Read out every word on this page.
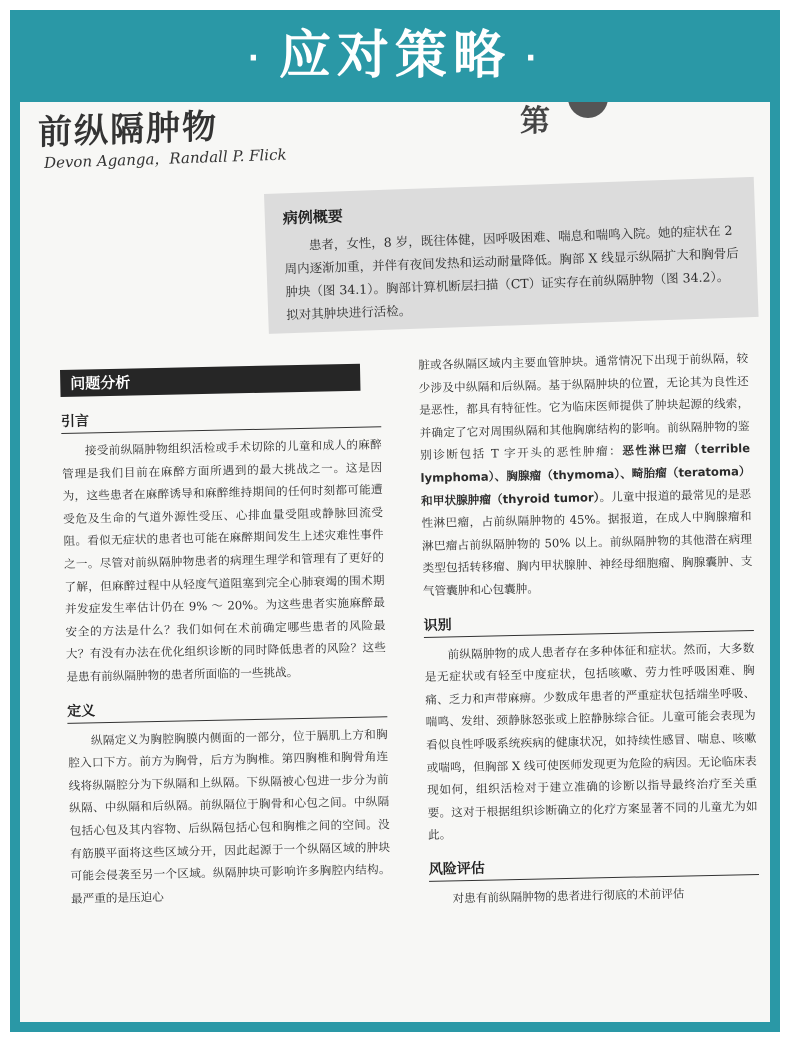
· 应对策略 ·
前纵隔肿物	第
Devon Aganga，Randall P. Flick
病例概要
患者，女性，8 岁，既往体健，因呼吸困难、喘息和喘鸣入院。她的症状在 2 周内逐渐加重，并伴有夜间发热和运动耐量降低。胸部 X 线显示纵隔扩大和胸骨后肿块（图 34.1）。胸部计算机断层扫描（CT）证实存在前纵隔肿物（图 34.2）。拟对其肿块进行活检。
问题分析
引言

接受前纵隔肿物组织活检或手术切除的儿童和成人的麻醉管理是我们目前在麻醉方面所遇到的最大挑战之一。这是因为，这些患者在麻醉诱导和麻醉维持期间的任何时刻都可能遭受危及生命的气道外源性受压、心排血量受阻或静脉回流受阻。看似无症状的患者也可能在麻醉期间发生上述灾难性事件之一。尽管对前纵隔肿物患者的病理生理学和管理有了更好的了解，但麻醉过程中从轻度气道阻塞到完全心肺衰竭的围术期并发症发生率估计仍在 9% ～ 20%。为这些患者实施麻醉最安全的方法是什么？我们如何在术前确定哪些患者的风险最大？有没有办法在优化组织诊断的同时降低患者的风险？这些是患有前纵隔肿物的患者所面临的一些挑战。

定义

纵隔定义为胸腔胸膜内侧面的一部分，位于膈肌上方和胸腔入口下方。前方为胸骨，后方为胸椎。第四胸椎和胸骨角连线将纵隔腔分为下纵隔和上纵隔。下纵隔被心包进一步分为前纵隔、中纵隔和后纵隔。前纵隔位于胸骨和心包之间。中纵隔包括心包及其内容物、后纵隔包括心包和胸椎之间的空间。没有筋膜平面将这些区域分开，因此起源于一个纵隔区域的肿块可能会侵袭至另一个区域。纵隔肿块可影响许多胸腔内结构。最严重的是压迫心

脏或各纵隔区域内主要血管肿块。通常情况下出现于前纵隔，较少涉及中纵隔和后纵隔。基于纵隔肿块的位置，无论其为良性还是恶性，都具有特征性。它为临床医师提供了肿块起源的线索，并确定了它对周围纵隔和其他胸廓结构的影响。前纵隔肿物的鉴别诊断包括 T 字开头的恶性肿瘤：恶性淋巴瘤（terrible lymphoma）、胸腺瘤（thymoma）、畸胎瘤（teratoma）和甲状腺肿瘤（thyroid tumor）。儿童中报道的最常见的是恶性淋巴瘤，占前纵隔肿物的 45%。据报道，在成人中胸腺瘤和淋巴瘤占前纵隔肿物的 50% 以上。前纵隔肿物的其他潜在病理类型包括转移瘤、胸内甲状腺肿、神经母细胞瘤、胸腺囊肿、支气管囊肿和心包囊肿。

识别

前纵隔肿物的成人患者存在多种体征和症状。然而，大多数是无症状或有轻至中度症状，包括咳嗽、劳力性呼吸困难、胸痛、乏力和声带麻痹。少数成年患者的严重症状包括端坐呼吸、喘鸣、发绀、颈静脉怒张或上腔静脉综合征。儿童可能会表现为看似良性呼吸系统疾病的健康状况，如持续性感冒、喘息、咳嗽或喘鸣，但胸部 X 线可使医师发现更为危险的病因。无论临床表现如何，组织活检对于建立准确的诊断以指导最终治疗至关重要。这对于根据组织诊断确立的化疗方案显著不同的儿童尤为如此。

风险评估

对患有前纵隔肿物的患者进行彻底的术前评估
